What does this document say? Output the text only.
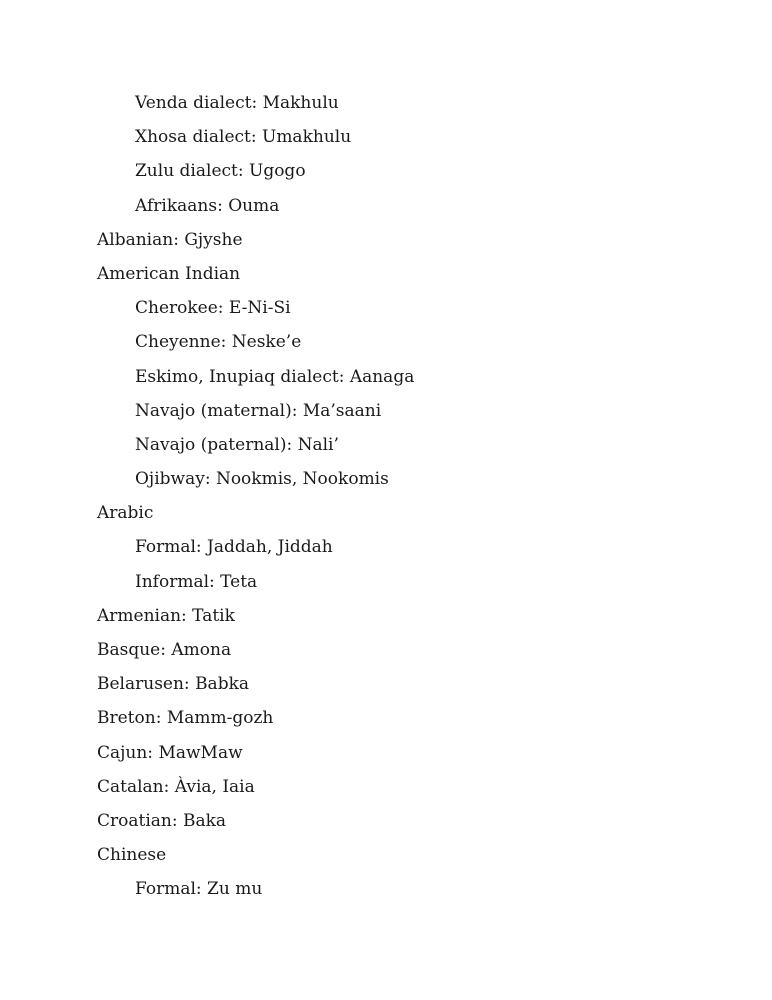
Venda dialect: Makhulu
Xhosa dialect: Umakhulu
Zulu dialect: Ugogo
Afrikaans: Ouma
Albanian: Gjyshe
American Indian
Cherokee: E-Ni-Si
Cheyenne: Neske’e
Eskimo, Inupiaq dialect: Aanaga
Navajo (maternal): Ma’saani
Navajo (paternal): Nali’
Ojibway: Nookmis, Nookomis
Arabic
Formal: Jaddah, Jiddah
Informal: Teta
Armenian: Tatik
Basque: Amona
Belarusen: Babka
Breton: Mamm-gozh
Cajun: MawMaw
Catalan: Àvia, Iaia
Croatian: Baka
Chinese
Formal: Zu mu
